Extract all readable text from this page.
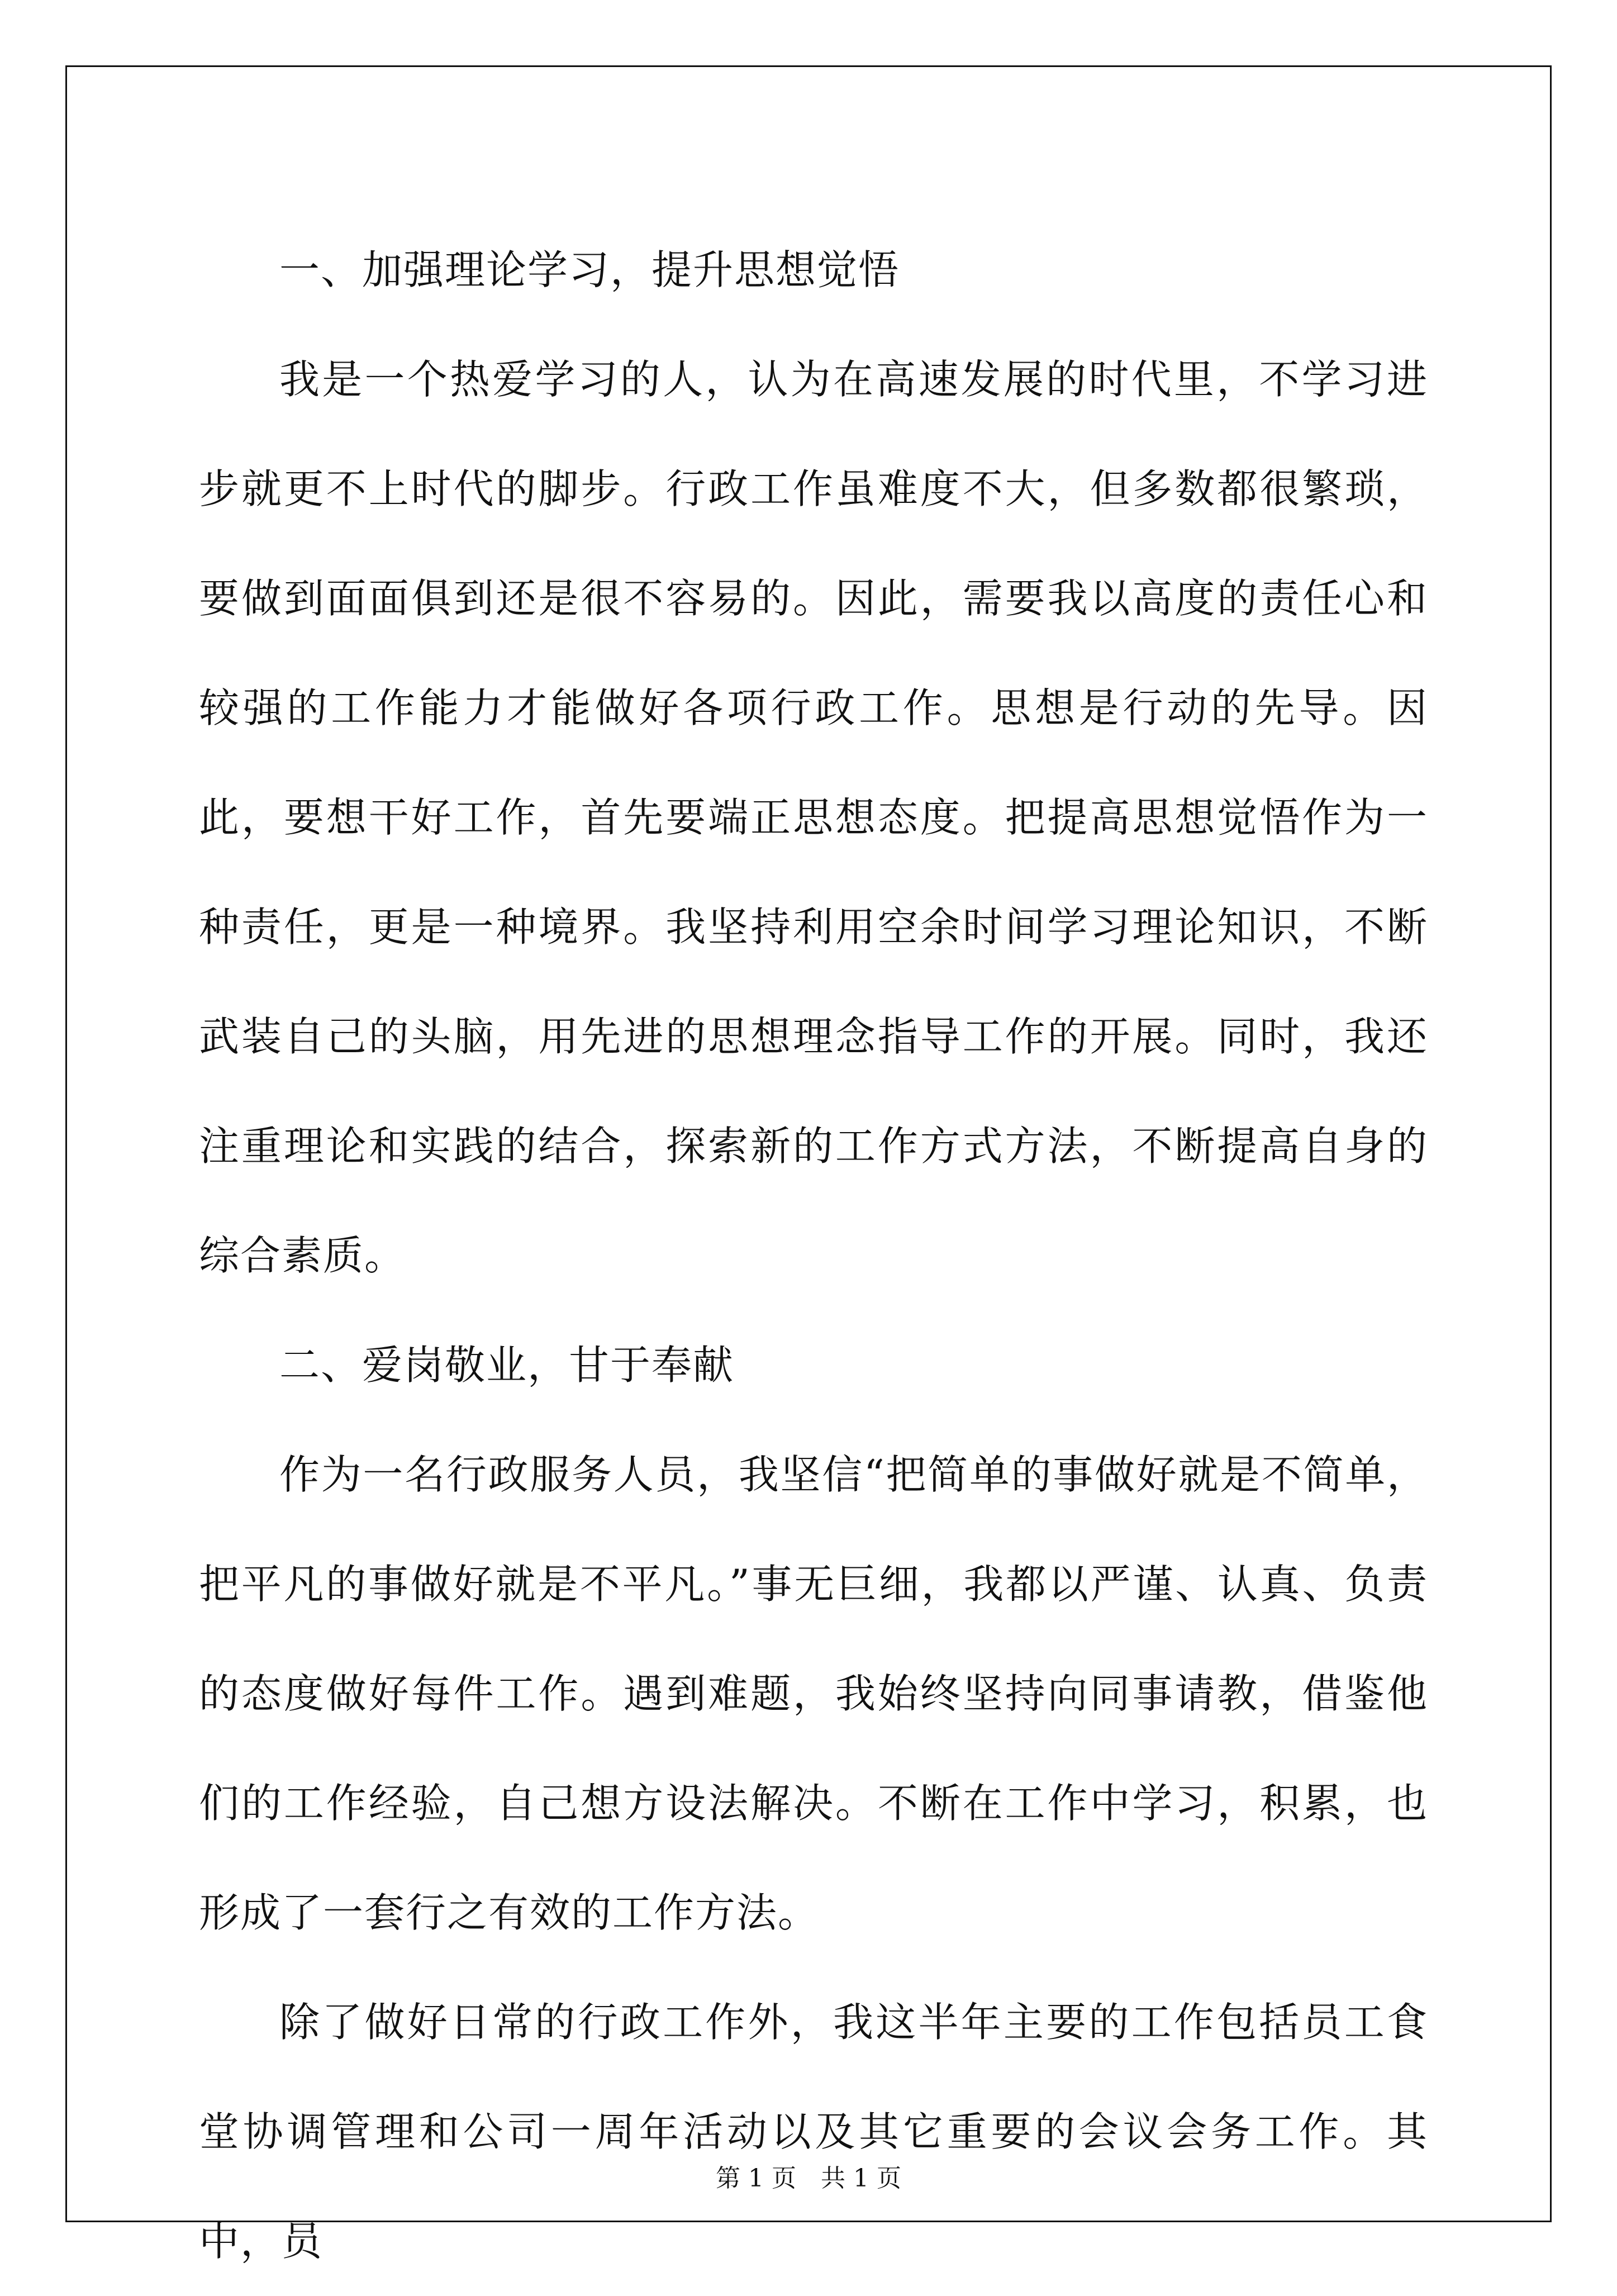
一、加强理论学习，提升思想觉悟

我是一个热爱学习的人，认为在高速发展的时代里，不学习进步就更不上时代的脚步。行政工作虽难度不大，但多数都很繁琐，要做到面面俱到还是很不容易的。因此，需要我以高度的责任心和较强的工作能力才能做好各项行政工作。思想是行动的先导。因此，要想干好工作，首先要端正思想态度。把提高思想觉悟作为一种责任，更是一种境界。我坚持利用空余时间学习理论知识，不断武装自己的头脑，用先进的思想理念指导工作的开展。同时，我还注重理论和实践的结合，探索新的工作方式方法，不断提高自身的综合素质。

二、爱岗敬业，甘于奉献

作为一名行政服务人员，我坚信“把简单的事做好就是不简单，把平凡的事做好就是不平凡。”事无巨细，我都以严谨、认真、负责的态度做好每件工作。遇到难题，我始终坚持向同事请教，借鉴他们的工作经验，自己想方设法解决。不断在工作中学习，积累，也形成了一套行之有效的工作方法。

除了做好日常的行政工作外，我这半年主要的工作包括员工食堂协调管理和公司一周年活动以及其它重要的会议会务工作。其中，员

第 1 页　共 1 页
